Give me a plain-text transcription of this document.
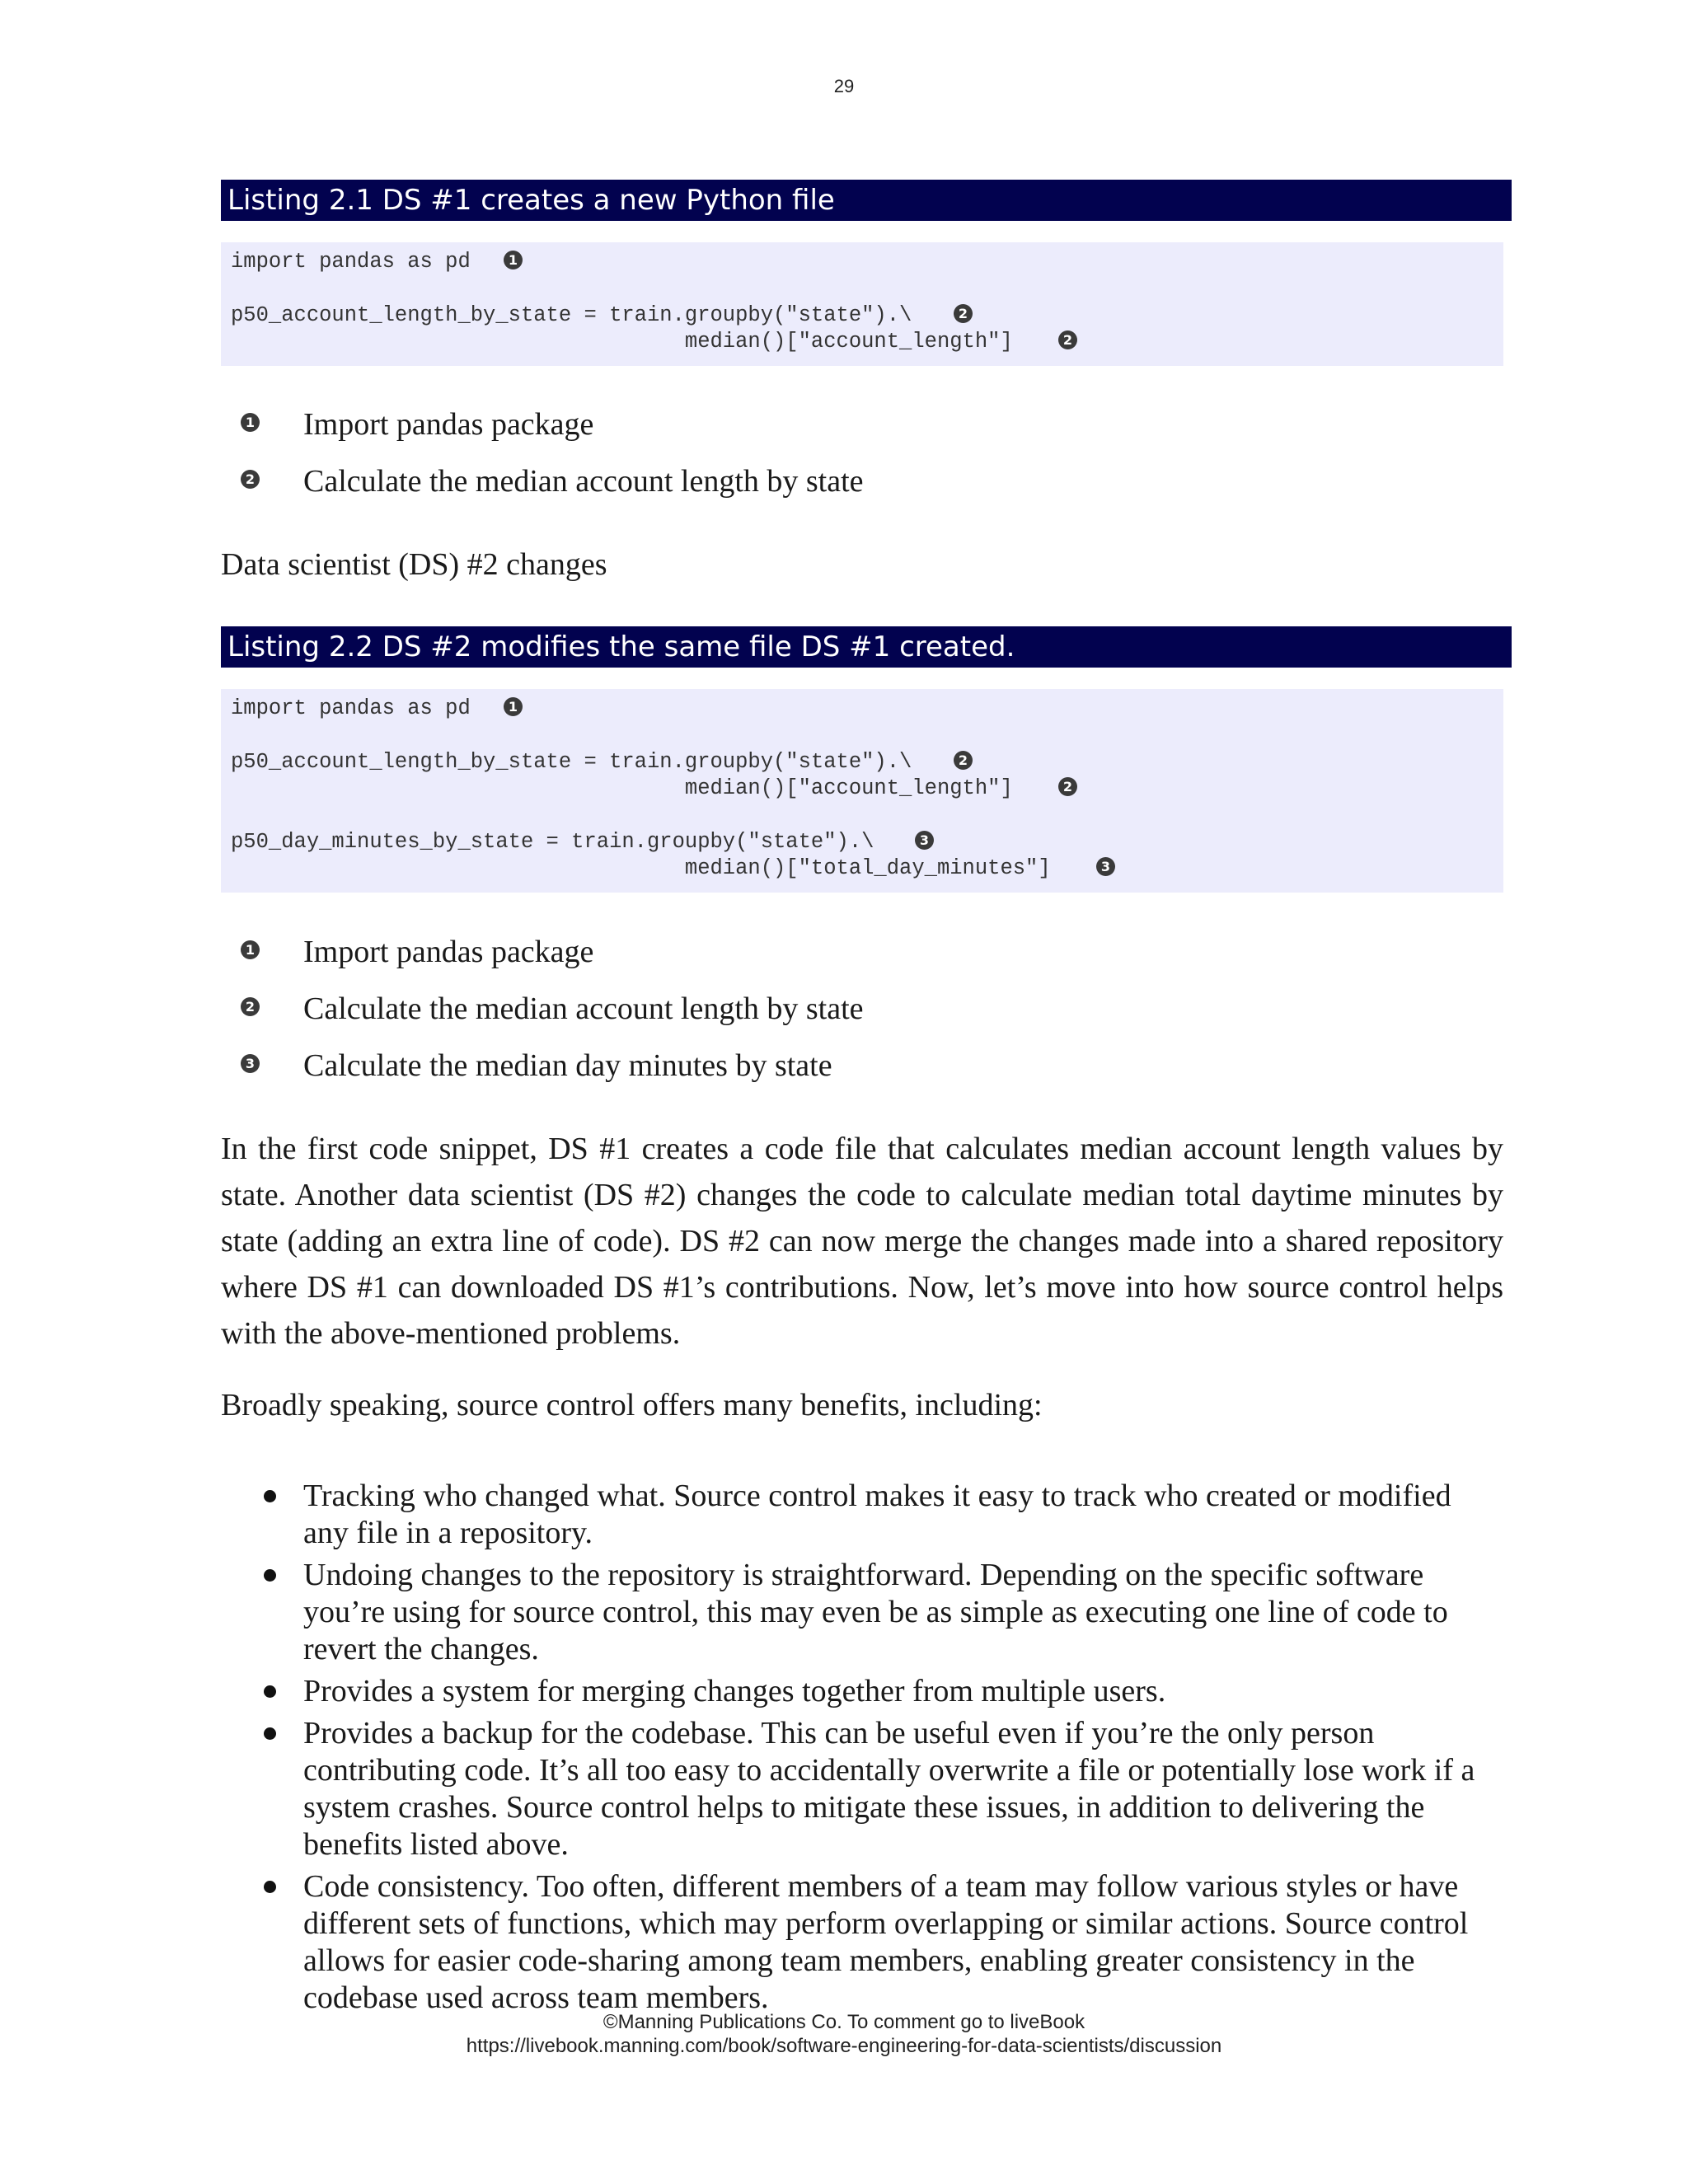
29
Listing 2.1 DS #1 creates a new Python file
import pandas as pd	1
p50_account_length_by_state = train.groupby("state").\	2
median()["account_length"]	2
1 Import pandas package
2 Calculate the median account length by state
Data scientist (DS) #2 changes
Listing 2.2 DS #2 modifies the same file DS #1 created.
import pandas as pd	1
p50_account_length_by_state = train.groupby("state").\	2
median()["account_length"]	2
p50_day_minutes_by_state = train.groupby("state").\	3
median()["total_day_minutes"]	3
1 Import pandas package
2 Calculate the median account length by state
3 Calculate the median day minutes by state

In the first code snippet, DS #1 creates a code file that calculates median account length values by state. Another data scientist (DS #2) changes the code to calculate median total daytime minutes by state (adding an extra line of code). DS #2 can now merge the changes made into a shared repository where DS #1 can downloaded DS #1’s contributions. Now, let’s move into how source control helps with the above-mentioned problems.

Broadly speaking, source control offers many benefits, including:
Tracking who changed what. Source control makes it easy to track who created or modified any file in a repository.
Undoing changes to the repository is straightforward. Depending on the specific software you’re using for source control, this may even be as simple as executing one line of code to revert the changes.
Provides a system for merging changes together from multiple users.
Provides a backup for the codebase. This can be useful even if you’re the only person contributing code. It’s all too easy to accidentally overwrite a file or potentially lose work if a system crashes. Source control helps to mitigate these issues, in addition to delivering the benefits listed above.
Code consistency. Too often, different members of a team may follow various styles or have different sets of functions, which may perform overlapping or similar actions. Source control allows for easier code-sharing among team members, enabling greater consistency in the codebase used across team members.
©Manning Publications Co. To comment go to liveBook
https://livebook.manning.com/book/software-engineering-for-data-scientists/discussion
